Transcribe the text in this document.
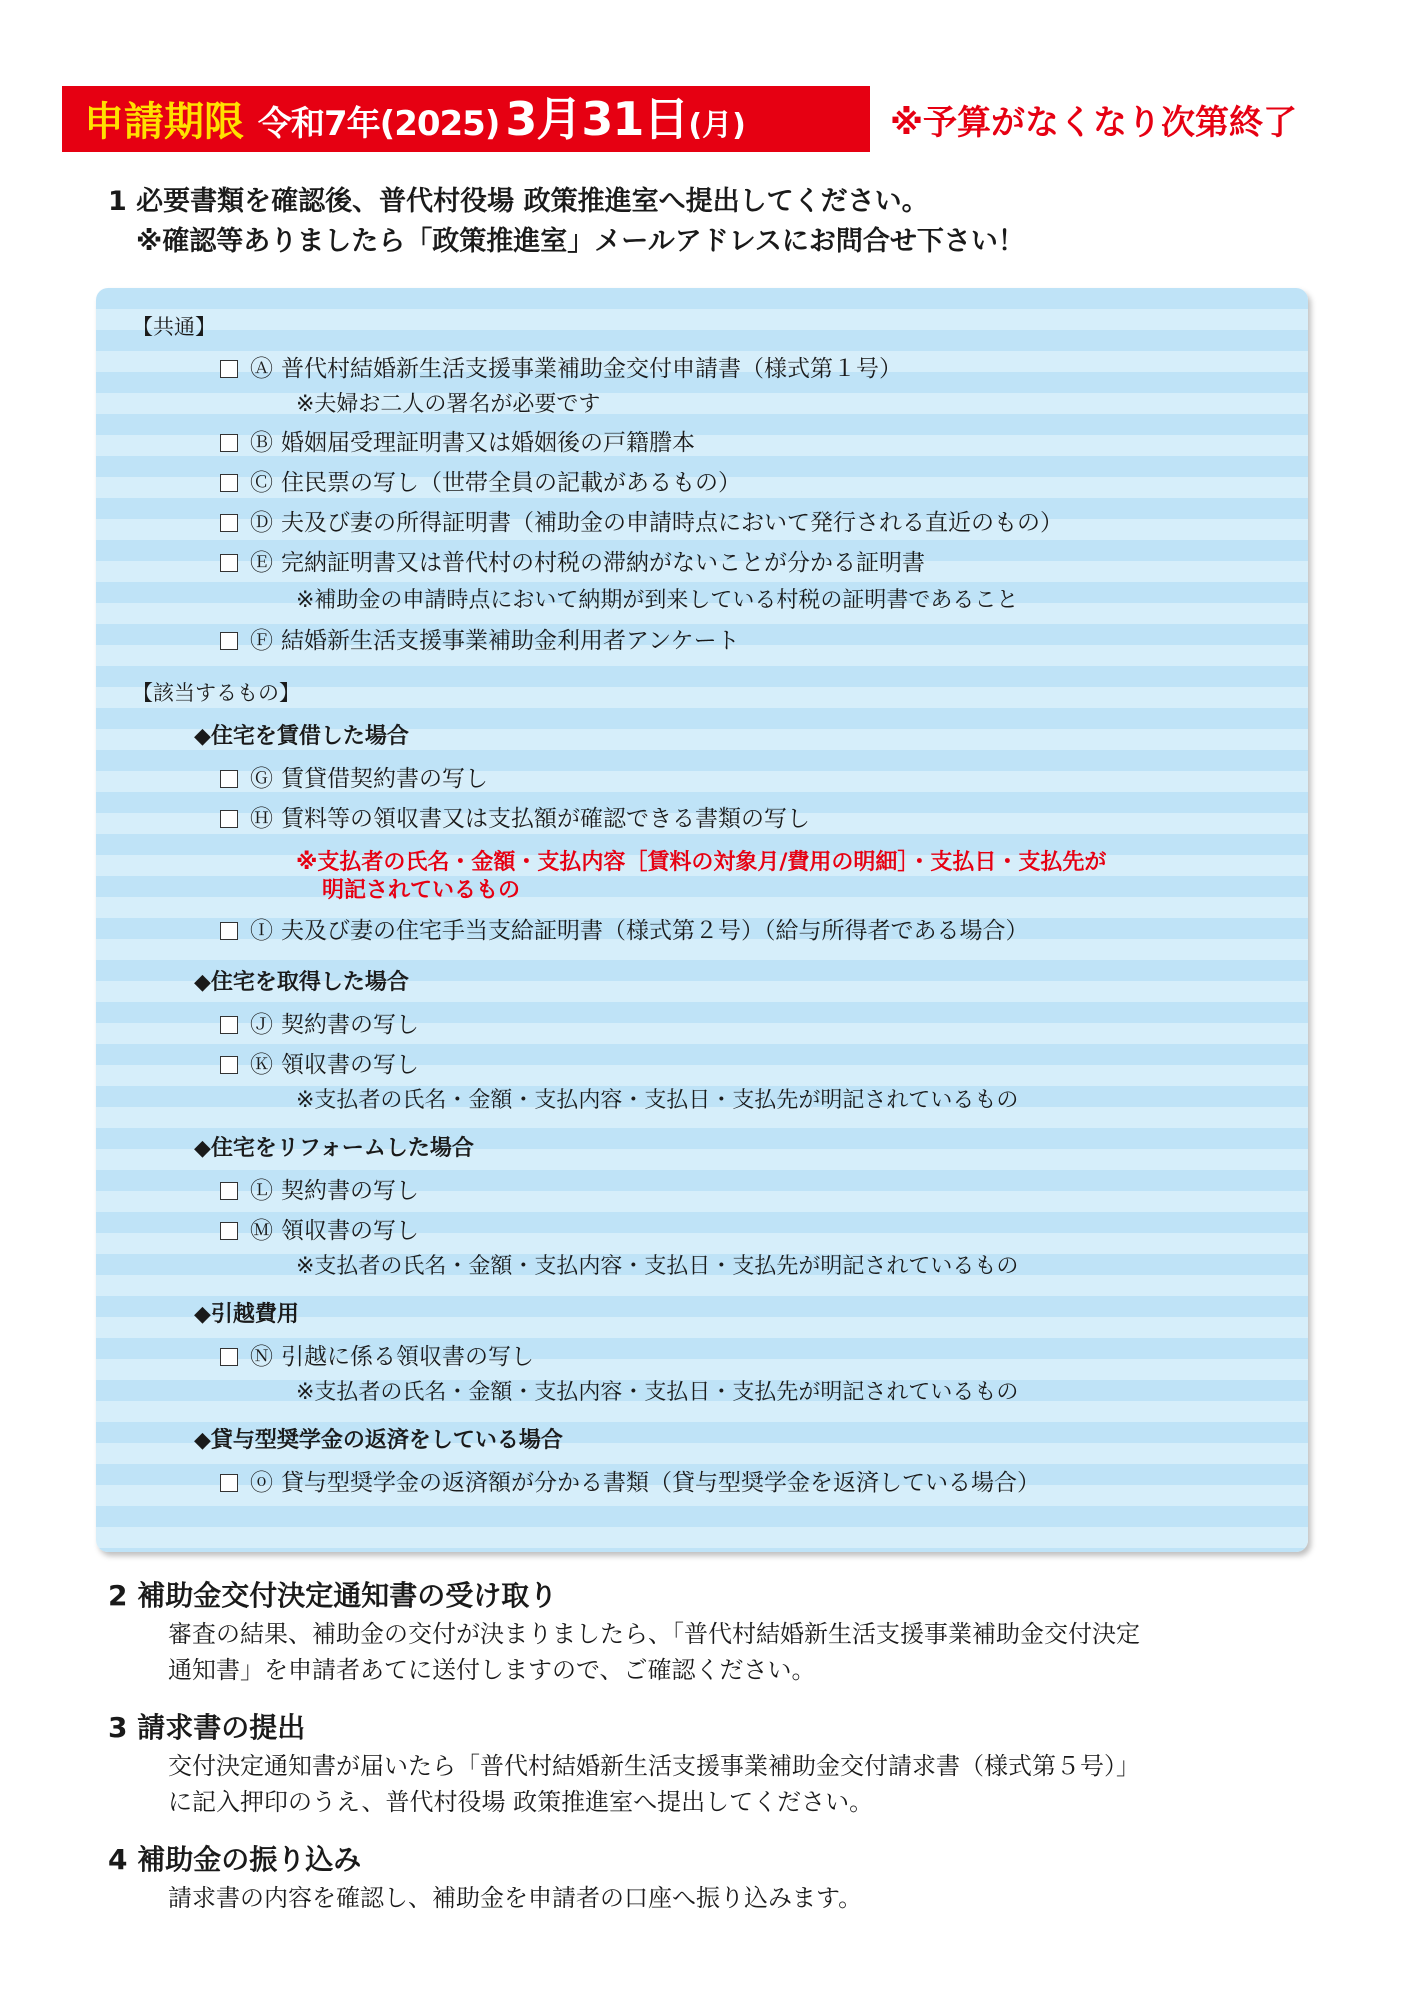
申請期限 令和7年(2025) 3月31日 (月)	※予算がなくなり次第終了
1 必要書類を確認後、普代村役場 政策推進室へ提出してください。
※確認等ありましたら「政策推進室」メールアドレスにお問合せ下さい！
【共通】
Ⓐ 普代村結婚新生活支援事業補助金交付申請書（様式第１号）
※夫婦お二人の署名が必要です
Ⓑ 婚姻届受理証明書又は婚姻後の戸籍謄本
Ⓒ 住民票の写し（世帯全員の記載があるもの）
Ⓓ 夫及び妻の所得証明書（補助金の申請時点において発行される直近のもの）
Ⓔ 完納証明書又は普代村の村税の滞納がないことが分かる証明書
※補助金の申請時点において納期が到来している村税の証明書であること
Ⓕ 結婚新生活支援事業補助金利用者アンケート
【該当するもの】
◆住宅を賃借した場合
Ⓖ 賃貸借契約書の写し
Ⓗ 賃料等の領収書又は支払額が確認できる書類の写し
※支払者の氏名・金額・支払内容［賃料の対象月/費用の明細］・支払日・支払先が
明記されているもの
Ⓘ 夫及び妻の住宅手当支給証明書（様式第２号）（給与所得者である場合）
◆住宅を取得した場合
Ⓙ 契約書の写し
Ⓚ 領収書の写し
※支払者の氏名・金額・支払内容・支払日・支払先が明記されているもの
◆住宅をリフォームした場合
Ⓛ 契約書の写し
Ⓜ 領収書の写し
※支払者の氏名・金額・支払内容・支払日・支払先が明記されているもの
◆引越費用
Ⓝ 引越に係る領収書の写し
※支払者の氏名・金額・支払内容・支払日・支払先が明記されているもの
◆貸与型奨学金の返済をしている場合
ⓞ 貸与型奨学金の返済額が分かる書類（貸与型奨学金を返済している場合）
2 補助金交付決定通知書の受け取り
審査の結果、補助金の交付が決まりましたら、「普代村結婚新生活支援事業補助金交付決定
通知書」を申請者あてに送付しますので、ご確認ください。
3 請求書の提出
交付決定通知書が届いたら「普代村結婚新生活支援事業補助金交付請求書（様式第５号）」
に記入押印のうえ、普代村役場 政策推進室へ提出してください。
4 補助金の振り込み
請求書の内容を確認し、補助金を申請者の口座へ振り込みます。
